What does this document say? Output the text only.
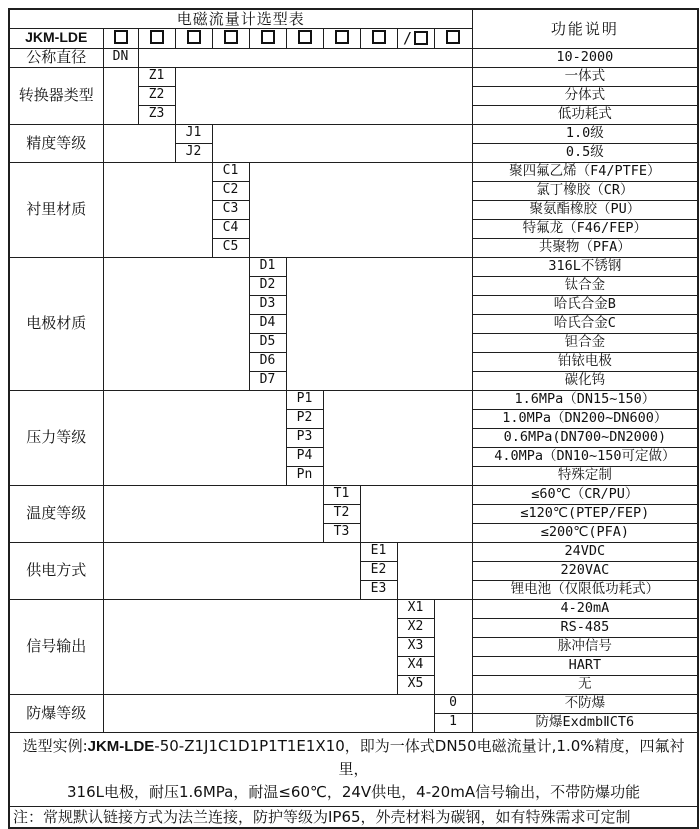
电磁流量计选型表											功能说明
JKM-LDE									/		
公称直径	DN										10-2000
转换器类型		Z1									一体式
		Z2									分体式
		Z3									低功耗式
精度等级			J1								1.0级
			J2								0.5级
衬里材质				C1							聚四氟乙烯（F4/PTFE）
				C2							氯丁橡胶（CR）
				C3							聚氨酯橡胶（PU）
				C4							特氟龙（F46/FEP）
				C5							共聚物（PFA）
电极材质					D1						316L不锈钢
					D2						钛合金
					D3						哈氏合金B
					D4						哈氏合金C
					D5						钽合金
					D6						铂铱电极
					D7						碳化钨
压力等级						P1					1.6MPa（DN15~150）
						P2					1.0MPa（DN200~DN600）
						P3					0.6MPa(DN700~DN2000)
						P4					4.0MPa（DN10~150可定做）
						Pn					特殊定制
温度等级							T1				≤60℃（CR/PU）
							T2				≤120℃(PTEP/FEP)
							T3				≤200℃(PFA)
供电方式								E1			24VDC
								E2			220VAC
								E3			锂电池（仅限低功耗式）
信号输出									X1		4-20mA
									X2		RS-485
									X3		脉冲信号
									X4		HART
									X5		无
防爆等级										0	不防爆
										1	防爆ExdmbⅡCT6
选型实例:JKM-LDE-50-Z1J1C1D1P1T1E1X10，即为一体式DN50电磁流量计,1.0%精度，四氟衬里，
316L电极，耐压1.6MPa，耐温≤60℃，24V供电，4-20mA信号输出，不带防爆功能											
注：常规默认链接方式为法兰连接，防护等级为IP65，外壳材料为碳钢，如有特殊需求可定制											
